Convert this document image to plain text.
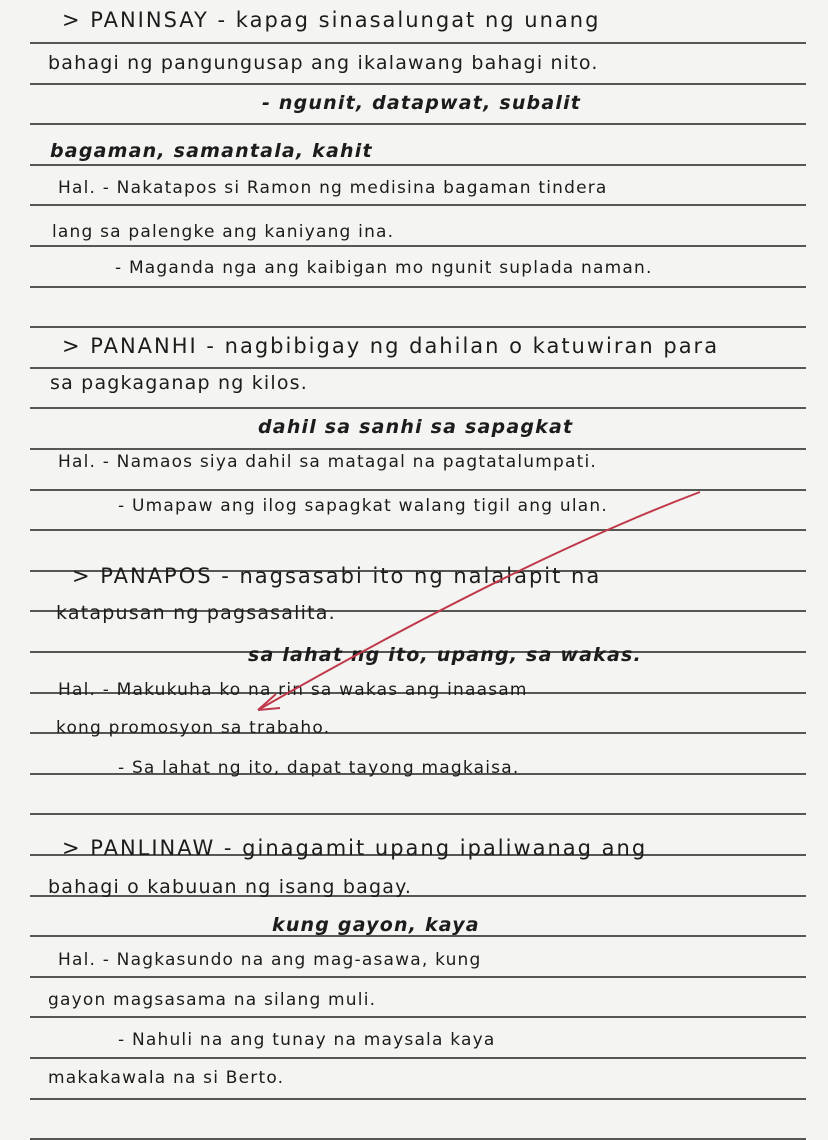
> PANINSAY - kapag sinasalungat ng unang
bahagi ng pangungusap ang ikalawang bahagi nito.
- ngunit, datapwat, subalit
bagaman, samantala, kahit
Hal. - Nakatapos si Ramon ng medisina bagaman tindera
lang sa palengke ang kaniyang ina.
- Maganda nga ang kaibigan mo ngunit suplada naman.
> PANANHI - nagbibigay ng dahilan o katuwiran para
sa pagkaganap ng kilos.
dahil sa sanhi sa sapagkat
Hal. - Namaos siya dahil sa matagal na pagtatalumpati.
- Umapaw ang ilog sapagkat walang tigil ang ulan.
> PANAPOS - nagsasabi ito ng nalalapit na
katapusan ng pagsasalita.
sa lahat ng ito, upang, sa wakas.
Hal. - Makukuha ko na rin sa wakas ang inaasam
kong promosyon sa trabaho.
- Sa lahat ng ito, dapat tayong magkaisa.
> PANLINAW - ginagamit upang ipaliwanag ang
bahagi o kabuuan ng isang bagay.
kung gayon, kaya
Hal. - Nagkasundo na ang mag-asawa, kung
gayon magsasama na silang muli.
- Nahuli na ang tunay na maysala kaya
makakawala na si Berto.
